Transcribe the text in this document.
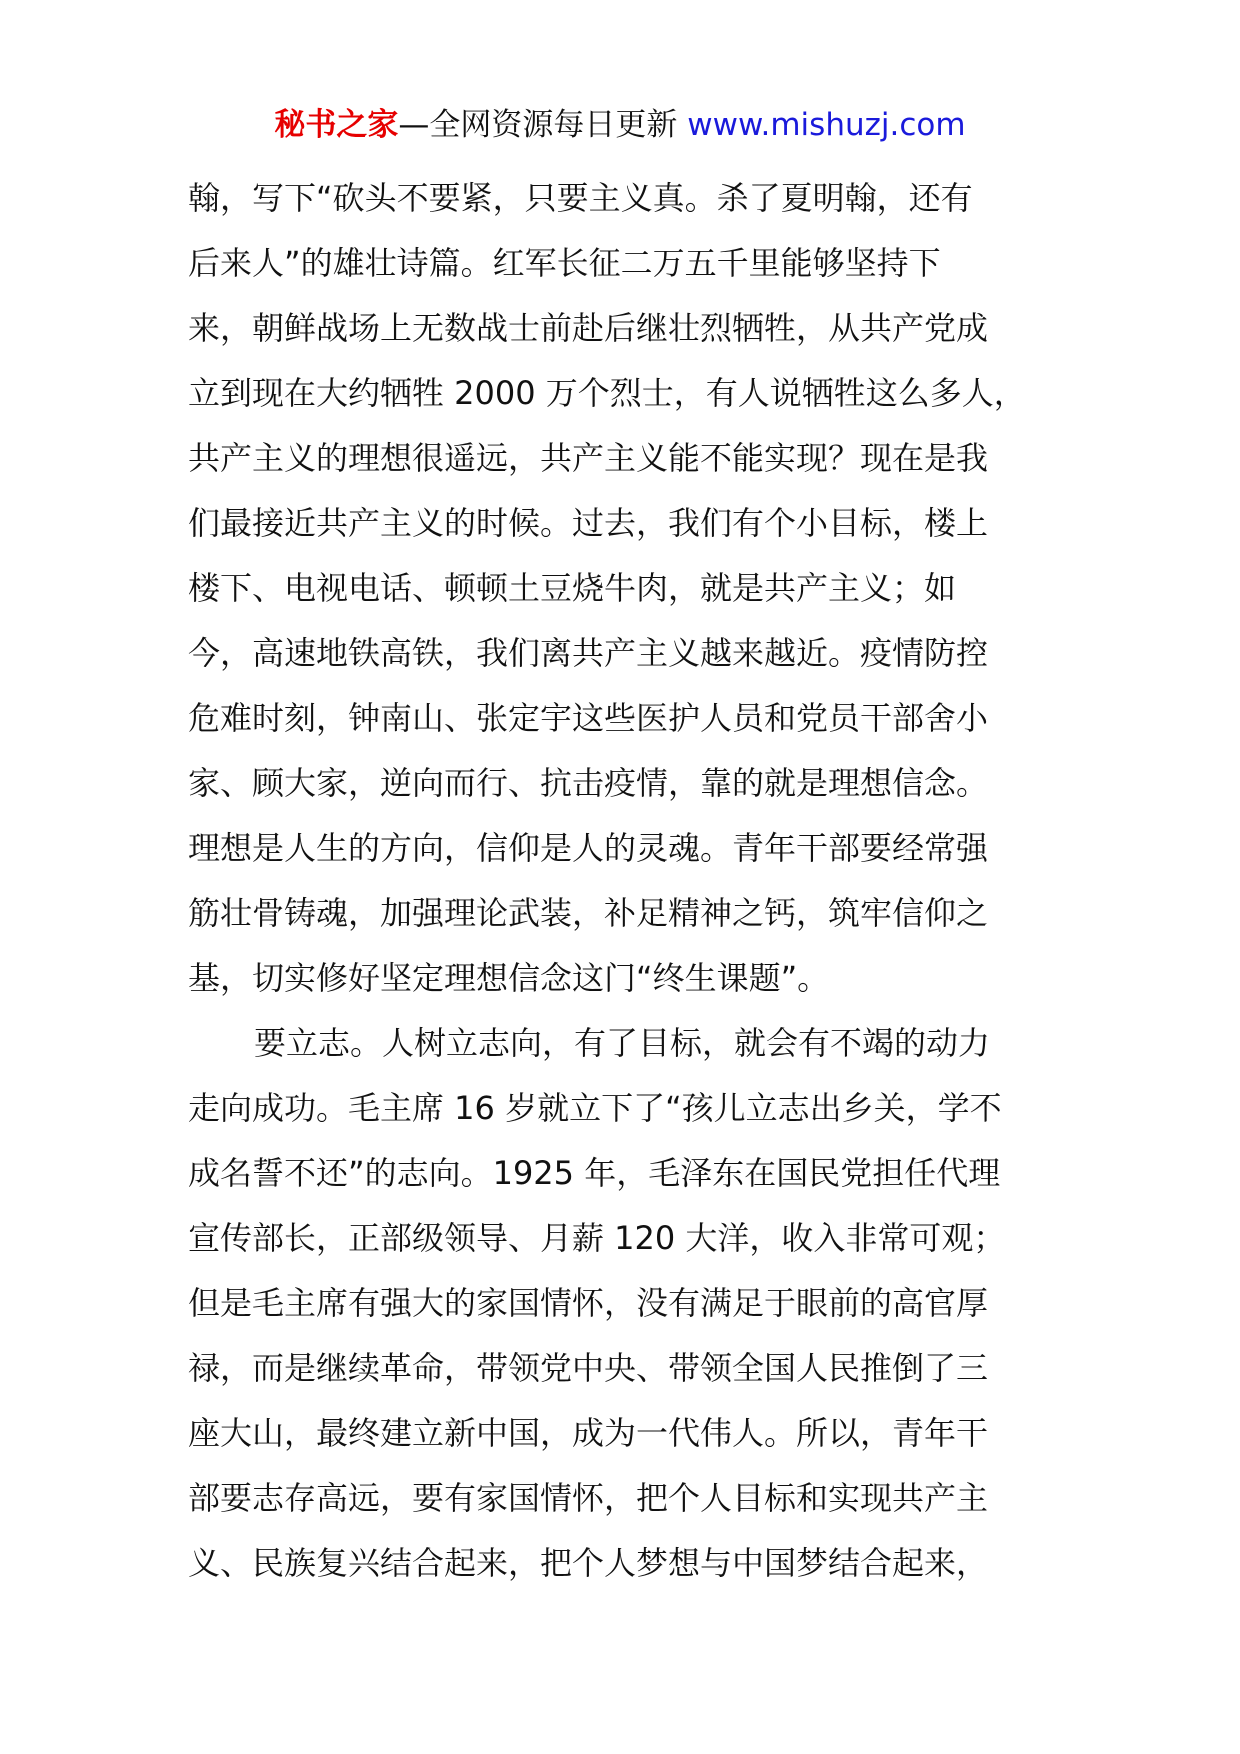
秘书之家—全网资源每日更新 www.mishuzj.com
翰，写下“砍头不要紧，只要主义真。杀了夏明翰，还有
后来人”的雄壮诗篇。红军长征二万五千里能够坚持下
来，朝鲜战场上无数战士前赴后继壮烈牺牲，从共产党成
立到现在大约牺牲 2000 万个烈士，有人说牺牲这么多人，
共产主义的理想很遥远，共产主义能不能实现？现在是我
们最接近共产主义的时候。过去，我们有个小目标，楼上
楼下、电视电话、顿顿土豆烧牛肉，就是共产主义；如
今，高速地铁高铁，我们离共产主义越来越近。疫情防控
危难时刻，钟南山、张定宇这些医护人员和党员干部舍小
家、顾大家，逆向而行、抗击疫情，靠的就是理想信念。
理想是人生的方向，信仰是人的灵魂。青年干部要经常强
筋壮骨铸魂，加强理论武装，补足精神之钙，筑牢信仰之
基，切实修好坚定理想信念这门“终生课题”。
要立志。人树立志向，有了目标，就会有不竭的动力
走向成功。毛主席 16 岁就立下了“孩儿立志出乡关，学不
成名誓不还”的志向。1925 年，毛泽东在国民党担任代理
宣传部长，正部级领导、月薪 120 大洋，收入非常可观；
但是毛主席有强大的家国情怀，没有满足于眼前的高官厚
禄，而是继续革命，带领党中央、带领全国人民推倒了三
座大山，最终建立新中国，成为一代伟人。所以，青年干
部要志存高远，要有家国情怀，把个人目标和实现共产主
义、民族复兴结合起来，把个人梦想与中国梦结合起来，
